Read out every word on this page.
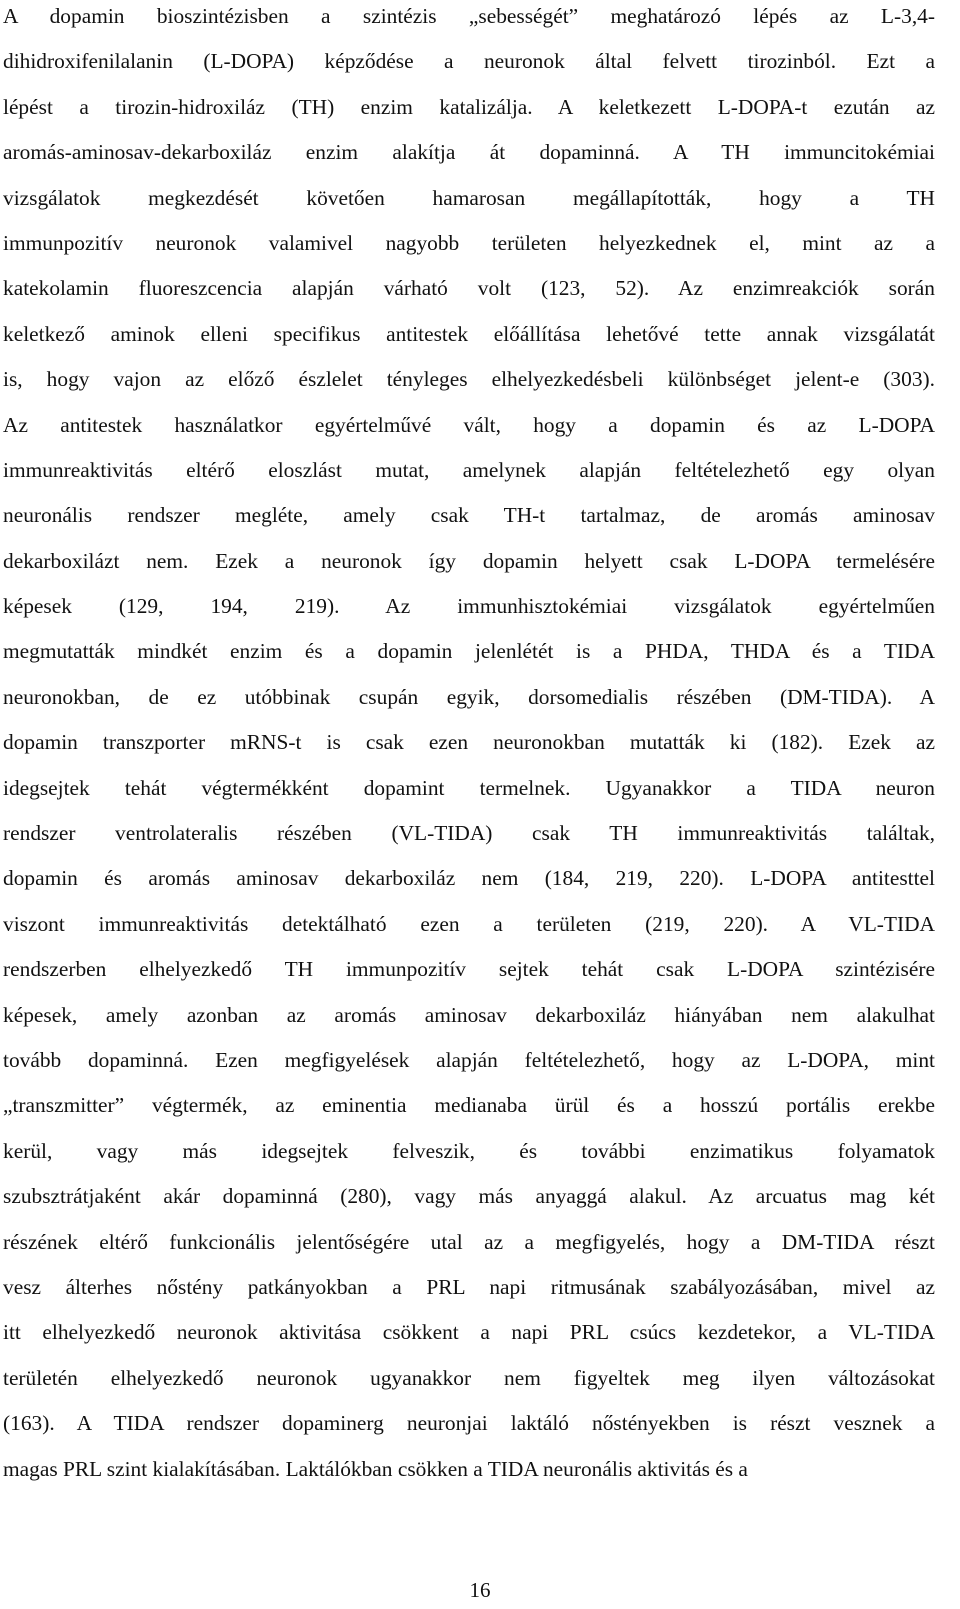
A dopamin bioszintézisben a szintézis „sebességét” meghatározó lépés az L-3,4-
dihidroxifenilalanin (L-DOPA) képződése a neuronok által felvett tirozinból. Ezt a
lépést a tirozin-hidroxiláz (TH) enzim katalizálja. A keletkezett L-DOPA-t ezután az
aromás-aminosav-dekarboxiláz enzim alakítja át dopaminná. A TH immuncitokémiai
vizsgálatok megkezdését követően hamarosan megállapították, hogy a TH
immunpozitív neuronok valamivel nagyobb területen helyezkednek el, mint az a
katekolamin fluoreszcencia alapján várható volt (123, 52). Az enzimreakciók során
keletkező aminok elleni specifikus antitestek előállítása lehetővé tette annak vizsgálatát
is, hogy vajon az előző észlelet tényleges elhelyezkedésbeli különbséget jelent-e (303).
Az antitestek használatkor egyértelművé vált, hogy a dopamin és az L-DOPA
immunreaktivitás eltérő eloszlást mutat, amelynek alapján feltételezhető egy olyan
neuronális rendszer megléte, amely csak TH-t tartalmaz, de aromás aminosav
dekarboxilázt nem. Ezek a neuronok így dopamin helyett csak L-DOPA termelésére
képesek (129, 194, 219). Az immunhisztokémiai vizsgálatok egyértelműen
megmutatták mindkét enzim és a dopamin jelenlétét is a PHDA, THDA és a TIDA
neuronokban, de ez utóbbinak csupán egyik, dorsomedialis részében (DM-TIDA). A
dopamin transzporter mRNS-t is csak ezen neuronokban mutatták ki (182). Ezek az
idegsejtek tehát végtermékként dopamint termelnek. Ugyanakkor a TIDA neuron
rendszer ventrolateralis részében (VL-TIDA) csak TH immunreaktivitás találtak,
dopamin és aromás aminosav dekarboxiláz nem (184, 219, 220). L-DOPA antitesttel
viszont immunreaktivitás detektálható ezen a területen (219, 220). A VL-TIDA
rendszerben elhelyezkedő TH immunpozitív sejtek tehát csak L-DOPA szintézisére
képesek, amely azonban az aromás aminosav dekarboxiláz hiányában nem alakulhat
tovább dopaminná. Ezen megfigyelések alapján feltételezhető, hogy az L-DOPA, mint
„transzmitter” végtermék, az eminentia medianaba ürül és a hosszú portális erekbe
kerül, vagy más idegsejtek felveszik, és további enzimatikus folyamatok
szubsztrátjaként akár dopaminná (280), vagy más anyaggá alakul. Az arcuatus mag két
részének eltérő funkcionális jelentőségére utal az a megfigyelés, hogy a DM-TIDA részt
vesz álterhes nőstény patkányokban a PRL napi ritmusának szabályozásában, mivel az
itt elhelyezkedő neuronok aktivitása csökkent a napi PRL csúcs kezdetekor, a VL-TIDA
területén elhelyezkedő neuronok ugyanakkor nem figyeltek meg ilyen változásokat
(163). A TIDA rendszer dopaminerg neuronjai laktáló nőstényekben is részt vesznek a
magas PRL szint kialakításában. Laktálókban csökken a TIDA neuronális aktivitás és a
16
